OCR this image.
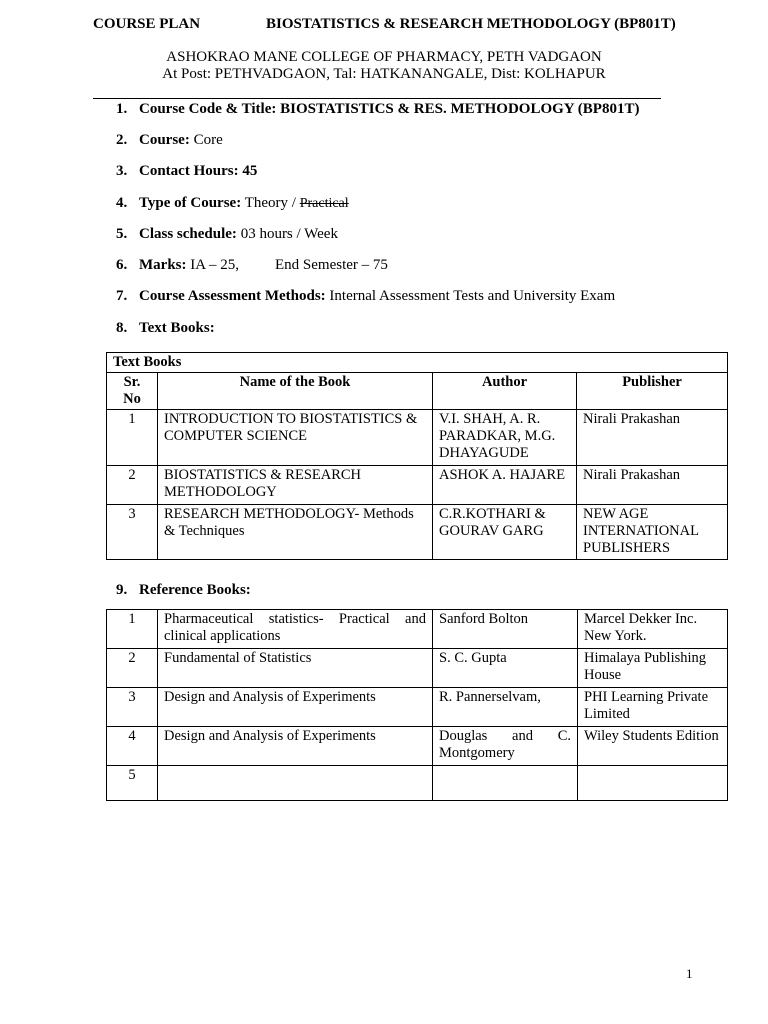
COURSE PLAN	BIOSTATISTICS & RESEARCH METHODOLOGY (BP801T)
ASHOKRAO MANE COLLEGE OF PHARMACY, PETH VADGAON
At Post: PETHVADGAON, Tal: HATKANANGALE, Dist: KOLHAPUR
1. Course Code & Title: BIOSTATISTICS & RES. METHODOLOGY (BP801T)
2. Course: Core
3. Contact Hours: 45
4. Type of Course: Theory / Practical
5. Class schedule: 03 hours / Week
6. Marks: IA – 25, End Semester – 75
7. Course Assessment Methods: Internal Assessment Tests and University Exam
8. Text Books:
Text Books			
Sr. No	Name of the Book	Author	Publisher
1	INTRODUCTION TO BIOSTATISTICS & COMPUTER SCIENCE	V.I. SHAH, A. R. PARADKAR, M.G. DHAYAGUDE	Nirali Prakashan
2	BIOSTATISTICS & RESEARCH METHODOLOGY	ASHOK A. HAJARE	Nirali Prakashan
3	RESEARCH METHODOLOGY- Methods & Techniques	C.R.KOTHARI & GOURAV GARG	NEW AGE INTERNATIONAL PUBLISHERS
9. Reference Books:
1	Pharmaceutical statistics- Practical and clinical applications	Sanford Bolton	Marcel Dekker Inc. New York.
2	Fundamental of Statistics	S. C. Gupta	Himalaya Publishing House
3	Design and Analysis of Experiments	R. Pannerselvam,	PHI Learning Private Limited
4	Design and Analysis of Experiments	Douglas and C. Montgomery	Wiley Students Edition
5			
1
